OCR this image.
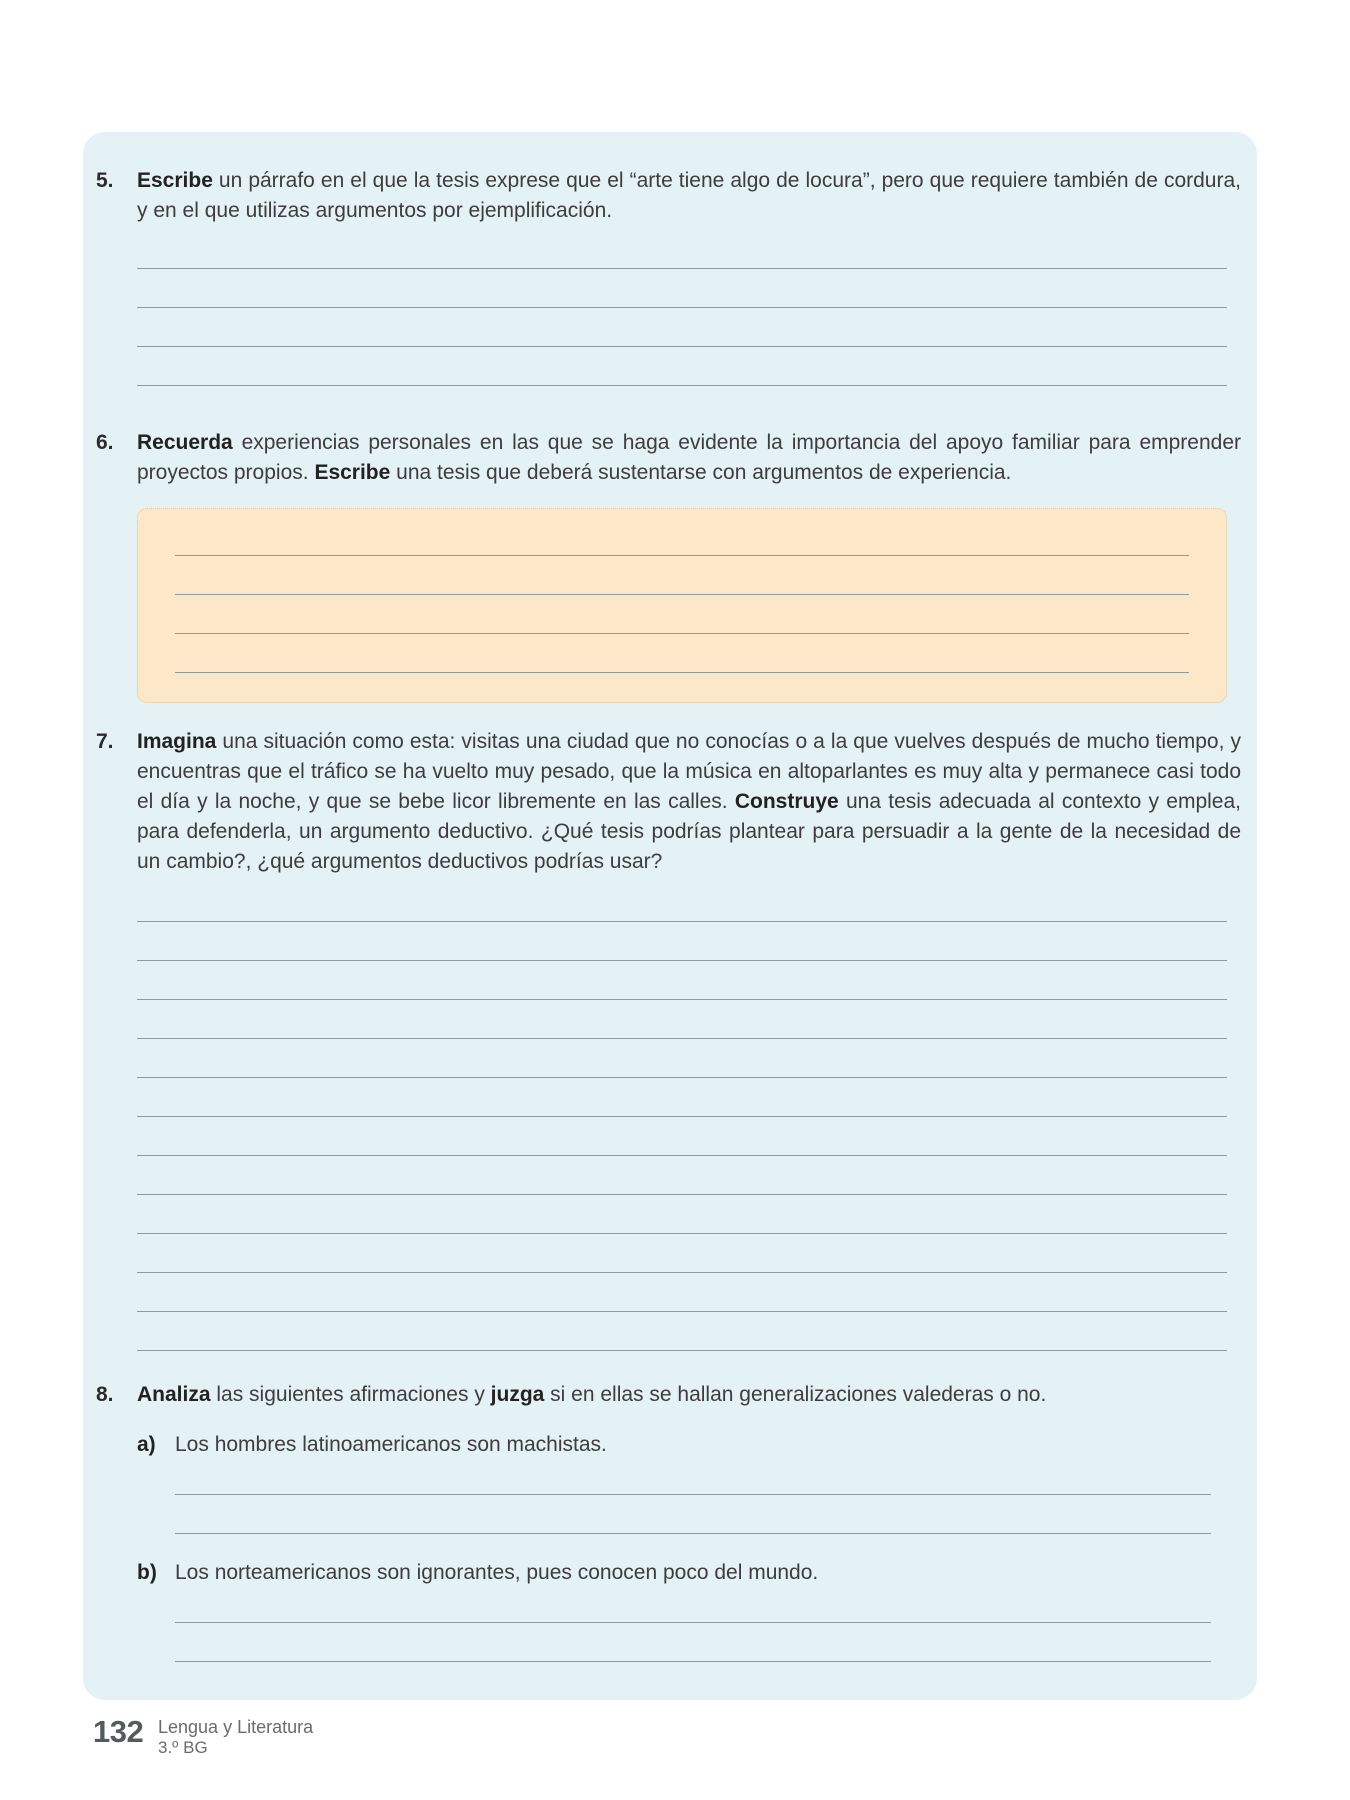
5. Escribe un párrafo en el que la tesis exprese que el “arte tiene algo de locura”, pero que requiere también de cordura, y en el que utilizas argumentos por ejemplificación.
6. Recuerda experiencias personales en las que se haga evidente la importancia del apoyo familiar para emprender proyectos propios. Escribe una tesis que deberá sustentarse con argumentos de experiencia.
7. Imagina una situación como esta: visitas una ciudad que no conocías o a la que vuelves después de mucho tiempo, y encuentras que el tráfico se ha vuelto muy pesado, que la música en altoparlantes es muy alta y permanece casi todo el día y la noche, y que se bebe licor libremente en las calles. Construye una tesis adecuada al contexto y emplea, para defenderla, un argumento deductivo. ¿Qué tesis podrías plantear para persuadir a la gente de la necesidad de un cambio?, ¿qué argumentos deductivos podrías usar?
8. Analiza las siguientes afirmaciones y juzga si en ellas se hallan generalizaciones valederas o no.
a) Los hombres latinoamericanos son machistas.
b) Los norteamericanos son ignorantes, pues conocen poco del mundo.
132 Lengua y Literatura
3.º BG
